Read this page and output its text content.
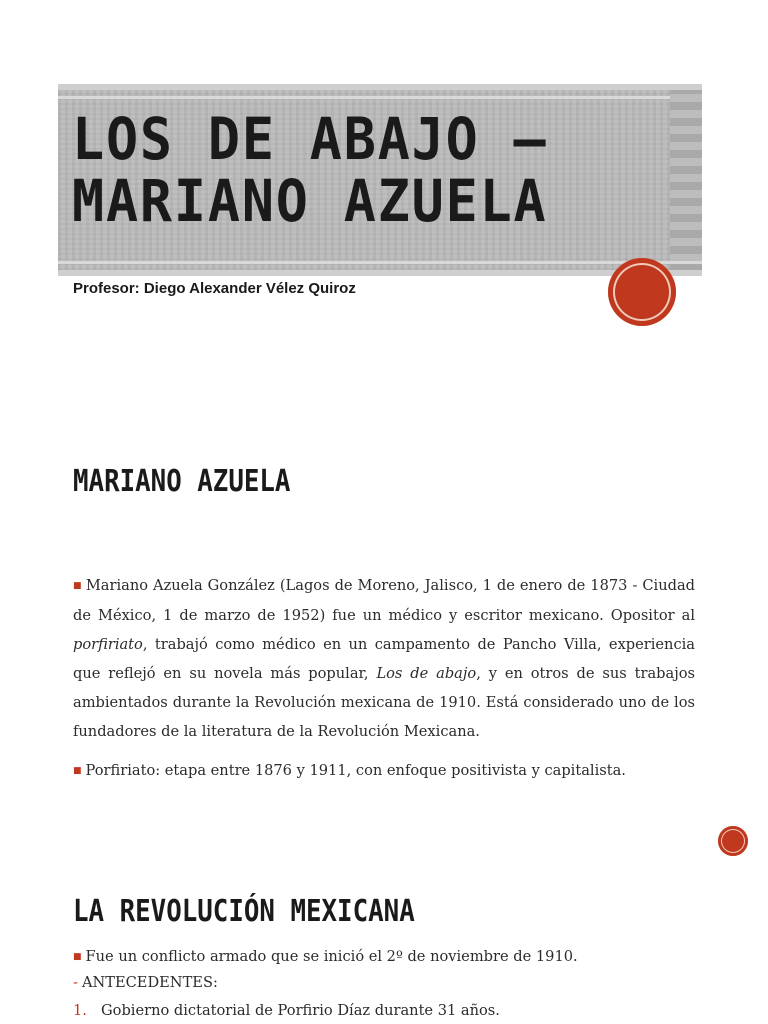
LOS DE ABAJO –
MARIANO AZUELA
Profesor: Diego Alexander Vélez Quiroz
MARIANO AZUELA
■ Mariano Azuela González (Lagos de Moreno, Jalisco, 1 de enero de 1873 - Ciudad de México, 1 de marzo de 1952) fue un médico y escritor mexicano. Opositor al porfiriato, trabajó como médico en un campamento de Pancho Villa, experiencia que reflejó en su novela más popular, Los de abajo, y en otros de sus trabajos ambientados durante la Revolución mexicana de 1910. Está considerado uno de los fundadores de la literatura de la Revolución Mexicana.
■ Porfiriato: etapa entre 1876 y 1911, con enfoque positivista y capitalista.
LA REVOLUCIÓN MEXICANA
■ Fue un conflicto armado que se inició el 2º de noviembre de 1910.
- ANTECEDENTES:
1. Gobierno dictatorial de Porfirio Díaz durante 31 años.
